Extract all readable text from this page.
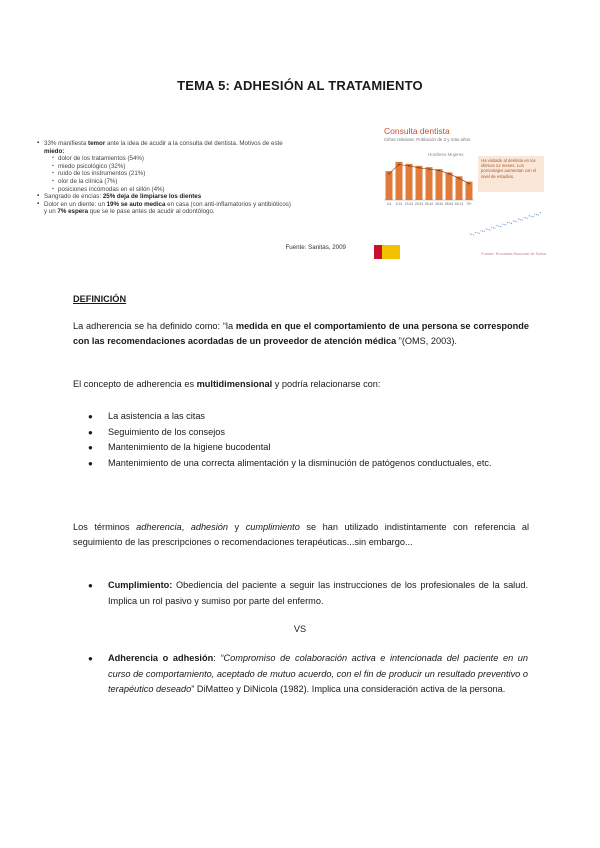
TEMA 5: ADHESIÓN AL TRATAMIENTO
▪ 33% manifiesta temor ante la idea de acudir a la consulta del dentista. Motivos de este
miedo:
▪ dolor de los tratamientos (54%)
▪ miedo psicológico (32%)
▪ ruido de los instrumentos (21%)
▪ olor de la clínica (7%)
▪ posiciones incómodas en el sillón (4%)
▪ Sangrado de encías: 25% deja de limpiarse los dientes
▪ Dolor en un diente: un 19% se auto medica en casa (con anti-inflamatorios y antibióticos)
y un 7% espera que se le pase antes de acudir al odontólogo.
Fuente: Sanitas, 2009
3-4 5-14 15-24 25-34 35-44 45-54 55-64 65-74 75+
Consulta dentista
Cifras relativas. Población de 3 y más años
Hombres Mujeres
Ha visitado al dentista en los últimos 12 meses. Los porcentajes aumentan con el nivel de estudios.
Fuente: Encuesta Nacional de Salud
DEFINICIÓN
La adherencia se ha definido como: “la medida en que el comportamiento de una persona se corresponde con las recomendaciones acordadas de un proveedor de atención médica ”(OMS, 2003).
El concepto de adherencia es multidimensional y podría relacionarse con:
● La asistencia a las citas
● Seguimiento de los consejos
● Mantenimiento de la higiene bucodental
● Mantenimiento de una correcta alimentación y la disminución de patógenos conductuales, etc.
Los términos adherencia, adhesión y cumplimiento se han utilizado indistintamente con referencia al seguimiento de las prescripciones o recomendaciones terapéuticas...sin embargo...
● Cumplimiento: Obediencia del paciente a seguir las instrucciones de los profesionales de la salud. Implica un rol pasivo y sumiso por parte del enfermo.
VS
● Adherencia o adhesión: “Compromiso de colaboración activa e intencionada del paciente en un curso de comportamiento, aceptado de mutuo acuerdo, con el fin de producir un resultado preventivo o terapéutico deseado” DiMatteo y DiNicola (1982). Implica una consideración activa de la persona.
